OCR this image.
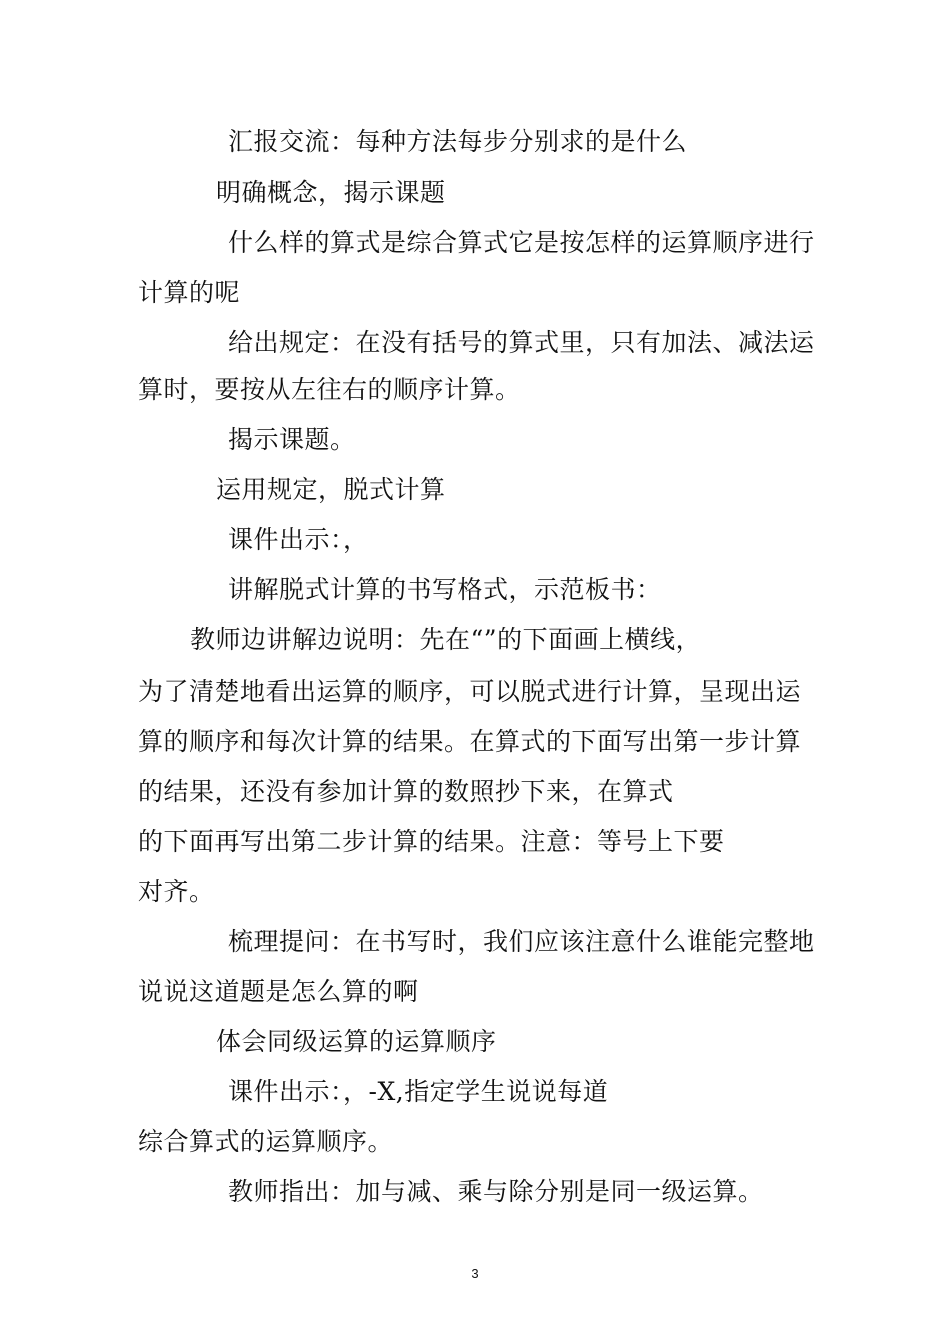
汇报交流：每种方法每步分别求的是什么
明确概念，揭示课题
什么样的算式是综合算式它是按怎样的运算顺序进行
计算的呢
给出规定：在没有括号的算式里，只有加法、减法运
算时，要按从左往右的顺序计算。
揭示课题。
运用规定，脱式计算
课件出示：，
讲解脱式计算的书写格式，示范板书：
教师边讲解边说明：先在“”的下面画上横线，
为了清楚地看出运算的顺序，可以脱式进行计算，呈现出运
算的顺序和每次计算的结果。在算式的下面写出第一步计算
的结果，还没有参加计算的数照抄下来，在算式
的下面再写出第二步计算的结果。注意：等号上下要
对齐。
梳理提问：在书写时，我们应该注意什么谁能完整地
说说这道题是怎么算的啊
体会同级运算的运算顺序
课件出示：，-X,指定学生说说每道
综合算式的运算顺序。
教师指出：加与减、乘与除分别是同一级运算。
3
